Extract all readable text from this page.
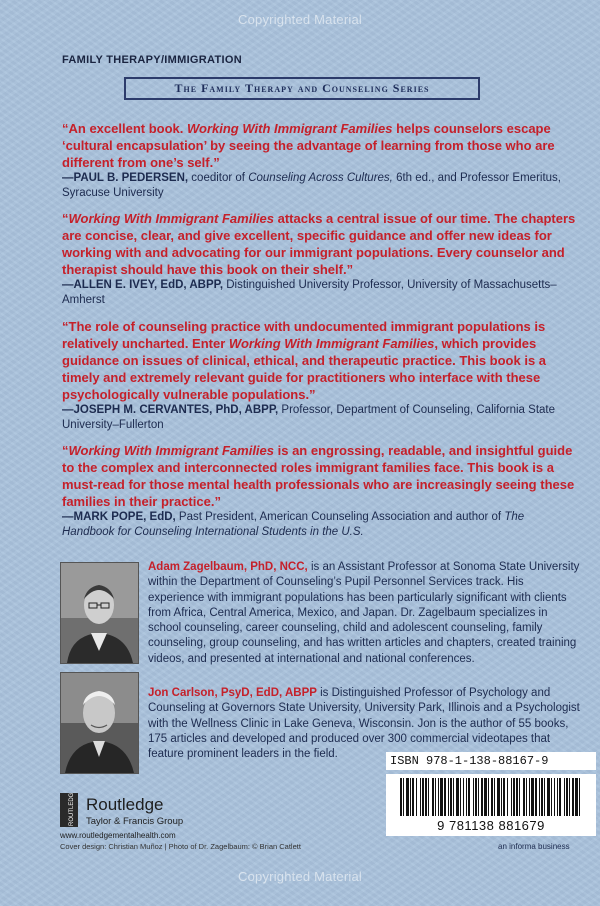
Copyrighted Material
FAMILY THERAPY/IMMIGRATION
The Family Therapy and Counseling Series

“An excellent book. Working With Immigrant Families helps counselors escape ‘cultural encapsulation’ by seeing the advantage of learning from those who are different from one’s self.”

—PAUL B. PEDERSEN, coeditor of Counseling Across Cultures, 6th ed., and Professor Emeritus, Syracuse University

“Working With Immigrant Families attacks a central issue of our time. The chapters are concise, clear, and give excellent, specific guidance and offer new ideas for working with and advocating for our immigrant populations. Every counselor and therapist should have this book on their shelf.”

—ALLEN E. IVEY, EdD, ABPP, Distinguished University Professor, University of Massachusetts–Amherst

“The role of counseling practice with undocumented immigrant populations is relatively uncharted. Enter Working With Immigrant Families, which provides guidance on issues of clinical, ethical, and therapeutic practice. This book is a timely and extremely relevant guide for practitioners who interface with these psychologically vulnerable populations.”

—JOSEPH M. CERVANTES, PhD, ABPP, Professor, Department of Counseling, California State University–Fullerton

“Working With Immigrant Families is an engrossing, readable, and insightful guide to the complex and interconnected roles immigrant families face. This book is a must-read for those mental health professionals who are increasingly seeing these families in their practice.”

—MARK POPE, EdD, Past President, American Counseling Association and author of The Handbook for Counseling International Students in the U.S.

Adam Zagelbaum, PhD, NCC, is an Assistant Professor at Sonoma State University within the Department of Counseling’s Pupil Personnel Services track. His experience with immigrant populations has been particularly significant with clients from Africa, Central America, Mexico, and Japan. Dr. Zagelbaum specializes in school counseling, career counseling, child and adolescent counseling, family counseling, group counseling, and has written articles and chapters, created training videos, and presented at international and national conferences.

Jon Carlson, PsyD, EdD, ABPP is Distinguished Professor of Psychology and Counseling at Governors State University, University Park, Illinois and a Psychologist with the Wellness Clinic in Lake Geneva, Wisconsin. Jon is the author of 55 books, 175 articles and developed and produced over 300 commercial videotapes that feature prominent leaders in the field.

ROUTLEDGE Routledge
Taylor & Francis Group
www.routledgementalhealth.com
Cover design: Christian Muñoz | Photo of Dr. Zagelbaum: © Brian Catlett
ISBN 978-1-138-88167-9
9 781138 881679
an informa business
Copyrighted Material
